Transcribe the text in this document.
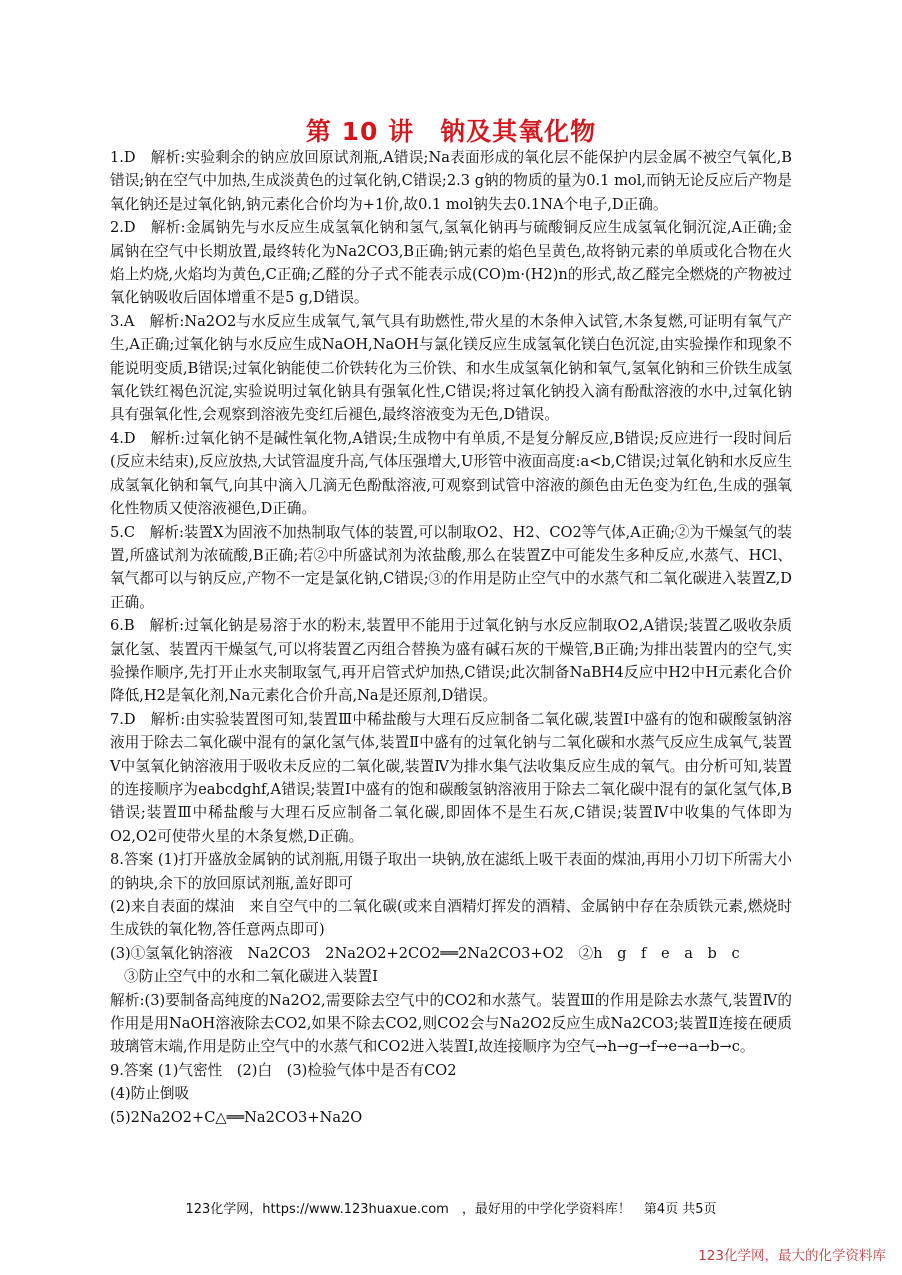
第 10 讲　钠及其氧化物

1.D　解析:实验剩余的钠应放回原试剂瓶,A错误;Na表面形成的氧化层不能保护内层金属不被空气氧化,B错误;钠在空气中加热,生成淡黄色的过氧化钠,C错误;2.3 g钠的物质的量为0.1 mol,而钠无论反应后产物是氧化钠还是过氧化钠,钠元素化合价均为+1价,故0.1 mol钠失去0.1NA个电子,D正确。

2.D　解析:金属钠先与水反应生成氢氧化钠和氢气,氢氧化钠再与硫酸铜反应生成氢氧化铜沉淀,A正确;金属钠在空气中长期放置,最终转化为Na2CO3,B正确;钠元素的焰色呈黄色,故将钠元素的单质或化合物在火焰上灼烧,火焰均为黄色,C正确;乙醛的分子式不能表示成(CO)m·(H2)n的形式,故乙醛完全燃烧的产物被过氧化钠吸收后固体增重不是5 g,D错误。

3.A　解析:Na2O2与水反应生成氧气,氧气具有助燃性,带火星的木条伸入试管,木条复燃,可证明有氧气产生,A正确;过氧化钠与水反应生成NaOH,NaOH与氯化镁反应生成氢氧化镁白色沉淀,由实验操作和现象不能说明变质,B错误;过氧化钠能使二价铁转化为三价铁、和水生成氢氧化钠和氧气,氢氧化钠和三价铁生成氢氧化铁红褐色沉淀,实验说明过氧化钠具有强氧化性,C错误;将过氧化钠投入滴有酚酞溶液的水中,过氧化钠具有强氧化性,会观察到溶液先变红后褪色,最终溶液变为无色,D错误。

4.D　解析:过氧化钠不是碱性氧化物,A错误;生成物中有单质,不是复分解反应,B错误;反应进行一段时间后(反应未结束),反应放热,大试管温度升高,气体压强增大,U形管中液面高度:a<b,C错误;过氧化钠和水反应生成氢氧化钠和氧气,向其中滴入几滴无色酚酞溶液,可观察到试管中溶液的颜色由无色变为红色,生成的强氧化性物质又使溶液褪色,D正确。

5.C　解析:装置X为固液不加热制取气体的装置,可以制取O2、H2、CO2等气体,A正确;②为干燥氢气的装置,所盛试剂为浓硫酸,B正确;若②中所盛试剂为浓盐酸,那么在装置Z中可能发生多种反应,水蒸气、HCl、氧气都可以与钠反应,产物不一定是氯化钠,C错误;③的作用是防止空气中的水蒸气和二氧化碳进入装置Z,D正确。

6.B　解析:过氧化钠是易溶于水的粉末,装置甲不能用于过氧化钠与水反应制取O2,A错误;装置乙吸收杂质氯化氢、装置丙干燥氢气,可以将装置乙丙组合替换为盛有碱石灰的干燥管,B正确;为排出装置内的空气,实验操作顺序,先打开止水夹制取氢气,再开启管式炉加热,C错误;此次制备NaBH4反应中H2中H元素化合价降低,H2是氧化剂,Na元素化合价升高,Na是还原剂,D错误。

7.D　解析:由实验装置图可知,装置Ⅲ中稀盐酸与大理石反应制备二氧化碳,装置Ⅰ中盛有的饱和碳酸氢钠溶液用于除去二氧化碳中混有的氯化氢气体,装置Ⅱ中盛有的过氧化钠与二氧化碳和水蒸气反应生成氧气,装置Ⅴ中氢氧化钠溶液用于吸收未反应的二氧化碳,装置Ⅳ为排水集气法收集反应生成的氧气。由分析可知,装置的连接顺序为eabcdghf,A错误;装置Ⅰ中盛有的饱和碳酸氢钠溶液用于除去二氧化碳中混有的氯化氢气体,B错误;装置Ⅲ中稀盐酸与大理石反应制备二氧化碳,即固体不是生石灰,C错误;装置Ⅳ中收集的气体即为O2,O2可使带火星的木条复燃,D正确。

8.答案 (1)打开盛放金属钠的试剂瓶,用镊子取出一块钠,放在滤纸上吸干表面的煤油,再用小刀切下所需大小的钠块,余下的放回原试剂瓶,盖好即可

(2)来自表面的煤油　来自空气中的二氧化碳(或来自酒精灯挥发的酒精、金属钠中存在杂质铁元素,燃烧时生成铁的氧化物,答任意两点即可)

(3)①氢氧化钠溶液　Na2CO3　2Na2O2+2CO2══2Na2CO3+O2　②h　g　f　e　a　b　c

③防止空气中的水和二氧化碳进入装置Ⅰ

解析:(3)要制备高纯度的Na2O2,需要除去空气中的CO2和水蒸气。装置Ⅲ的作用是除去水蒸气,装置Ⅳ的作用是用NaOH溶液除去CO2,如果不除去CO2,则CO2会与Na2O2反应生成Na2CO3;装置Ⅱ连接在硬质玻璃管末端,作用是防止空气中的水蒸气和CO2进入装置Ⅰ,故连接顺序为空气→h→g→f→e→a→b→c。

9.答案 (1)气密性　(2)白　(3)检验气体中是否有CO2

(4)防止倒吸

(5)2Na2O2+C△══Na2CO3+Na2O

123化学网，https://www.123huaxue.com　，最好用的中学化学资料库！　第4页 共5页
123化学网，最大的化学资料库
